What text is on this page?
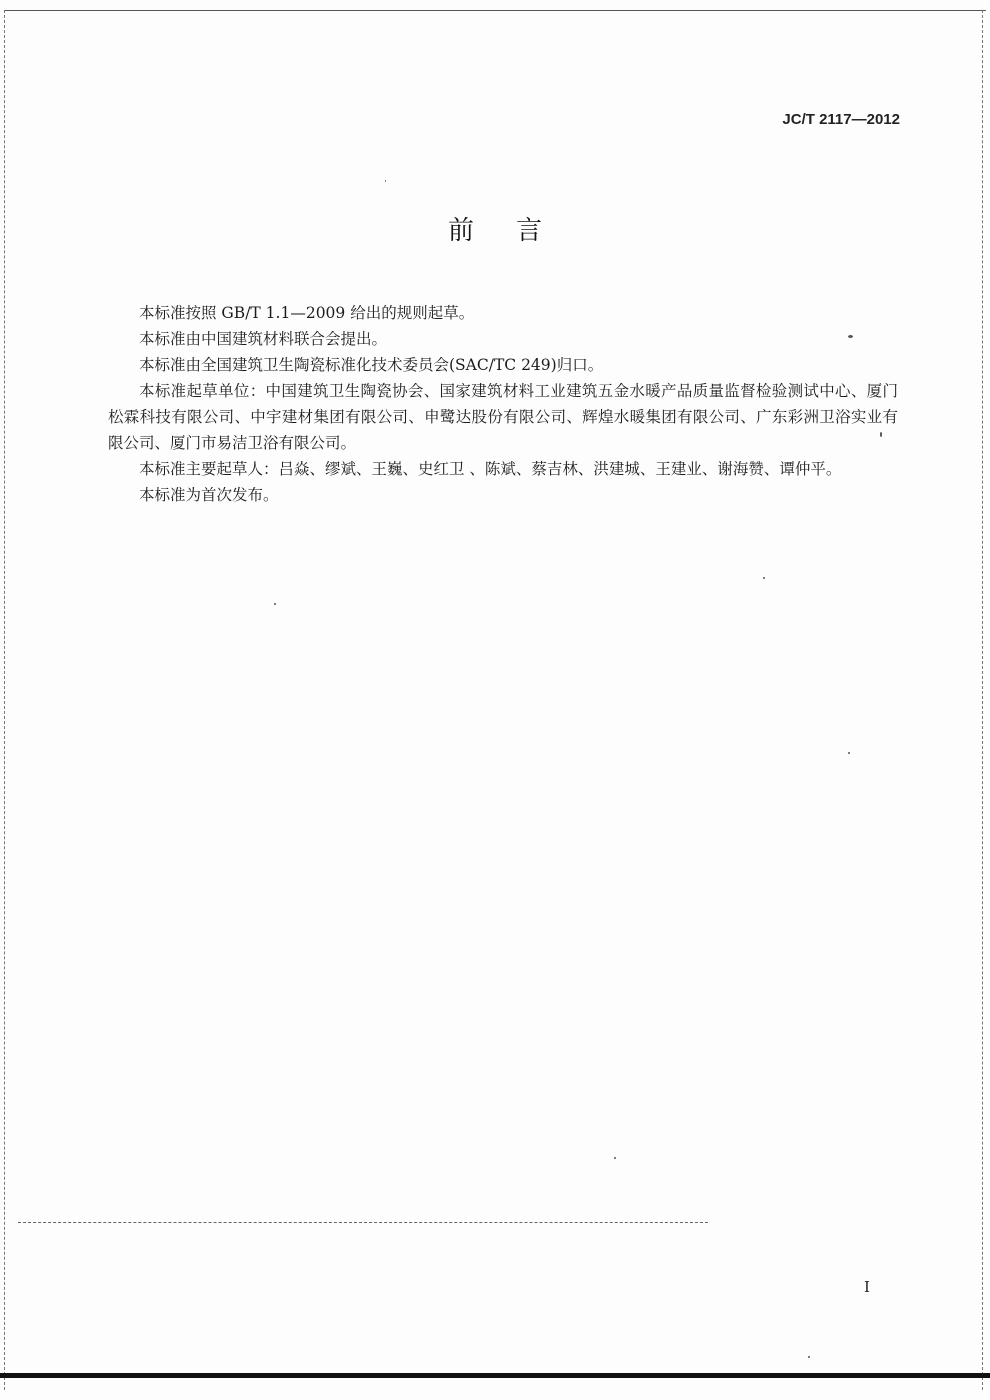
JC/T 2117—2012
前言

本标准按照 GB/T 1.1—2009 给出的规则起草。

本标准由中国建筑材料联合会提出。

本标准由全国建筑卫生陶瓷标准化技术委员会(SAC/TC 249)归口。

本标准起草单位：中国建筑卫生陶瓷协会、国家建筑材料工业建筑五金水暖产品质量监督检验测试中心、厦门松霖科技有限公司、中宇建材集团有限公司、申鹭达股份有限公司、辉煌水暖集团有限公司、广东彩洲卫浴实业有限公司、厦门市易洁卫浴有限公司。

本标准主要起草人：吕焱、缪斌、王巍、史红卫 、陈斌、蔡吉林、洪建城、王建业、谢海赞、谭仲平。

本标准为首次发布。

I
